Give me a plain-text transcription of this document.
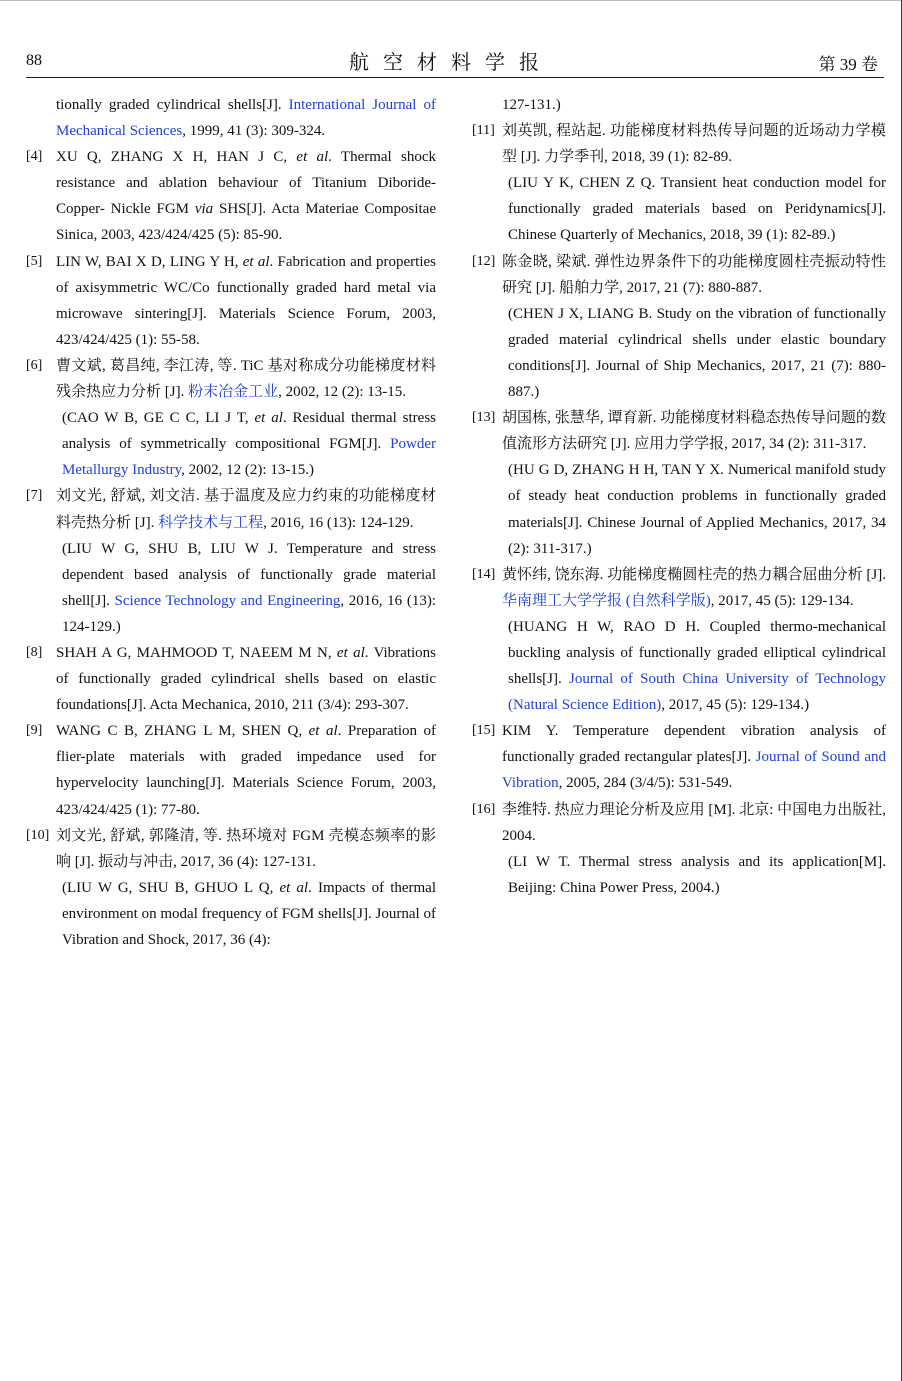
88	航空材料学报	第 39 卷
tionally graded cylindrical shells[J]. International Journal of Mechanical Sciences, 1999, 41 (3): 309-324.
[4] XU Q, ZHANG X H, HAN J C, et al. Thermal shock resistance and ablation behaviour of Titanium Diboride-Copper- Nickle FGM via SHS[J]. Acta Materiae Compositae Sinica, 2003, 423/424/425 (5): 85-90.
[5] LIN W, BAI X D, LING Y H, et al. Fabrication and properties of axisymmetric WC/Co functionally graded hard metal via microwave sintering[J]. Materials Science Forum, 2003, 423/424/425 (1): 55-58.
[6] 曹文斌, 葛昌纯, 李江涛, 等. TiC 基对称成分功能梯度材料残余热应力分析 [J]. 粉末冶金工业, 2002, 12 (2): 13-15.
(CAO W B, GE C C, LI J T, et al. Residual thermal stress analysis of symmetrically compositional FGM[J]. Powder Metallurgy Industry, 2002, 12 (2): 13-15.)
[7] 刘文光, 舒斌, 刘文洁. 基于温度及应力约束的功能梯度材料壳热分析 [J]. 科学技术与工程, 2016, 16 (13): 124-129.
(LIU W G, SHU B, LIU W J. Temperature and stress dependent based analysis of functionally grade material shell[J]. Science Technology and Engineering, 2016, 16 (13): 124-129.)
[8] SHAH A G, MAHMOOD T, NAEEM M N, et al. Vibrations of functionally graded cylindrical shells based on elastic foundations[J]. Acta Mechanica, 2010, 211 (3/4): 293-307.
[9] WANG C B, ZHANG L M, SHEN Q, et al. Preparation of flier-plate materials with graded impedance used for hypervelocity launching[J]. Materials Science Forum, 2003, 423/424/425 (1): 77-80.
[10] 刘文光, 舒斌, 郭隆清, 等. 热环境对 FGM 壳模态频率的影响 [J]. 振动与冲击, 2017, 36 (4): 127-131.
(LIU W G, SHU B, GHUO L Q, et al. Impacts of thermal environment on modal frequency of FGM shells[J]. Journal of Vibration and Shock, 2017, 36 (4):
127-131.)
[11] 刘英凯, 程站起. 功能梯度材料热传导问题的近场动力学模型 [J]. 力学季刊, 2018, 39 (1): 82-89.
(LIU Y K, CHEN Z Q. Transient heat conduction model for functionally graded materials based on Peridynamics[J]. Chinese Quarterly of Mechanics, 2018, 39 (1): 82-89.)
[12] 陈金晓, 梁斌. 弹性边界条件下的功能梯度圆柱壳振动特性研究 [J]. 船舶力学, 2017, 21 (7): 880-887.
(CHEN J X, LIANG B. Study on the vibration of functionally graded material cylindrical shells under elastic boundary conditions[J]. Journal of Ship Mechanics, 2017, 21 (7): 880-887.)
[13] 胡国栋, 张慧华, 谭育新. 功能梯度材料稳态热传导问题的数值流形方法研究 [J]. 应用力学学报, 2017, 34 (2): 311-317.
(HU G D, ZHANG H H, TAN Y X. Numerical manifold study of steady heat conduction problems in functionally graded materials[J]. Chinese Journal of Applied Mechanics, 2017, 34 (2): 311-317.)
[14] 黄怀纬, 饶东海. 功能梯度椭圆柱壳的热力耦合屈曲分析 [J]. 华南理工大学学报 (自然科学版), 2017, 45 (5): 129-134.
(HUANG H W, RAO D H. Coupled thermo-mechanical buckling analysis of functionally graded elliptical cylindrical shells[J]. Journal of South China University of Technology (Natural Science Edition), 2017, 45 (5): 129-134.)
[15] KIM Y. Temperature dependent vibration analysis of functionally graded rectangular plates[J]. Journal of Sound and Vibration, 2005, 284 (3/4/5): 531-549.
[16] 李维特. 热应力理论分析及应用 [M]. 北京: 中国电力出版社, 2004.
(LI W T. Thermal stress analysis and its application[M]. Beijing: China Power Press, 2004.)
